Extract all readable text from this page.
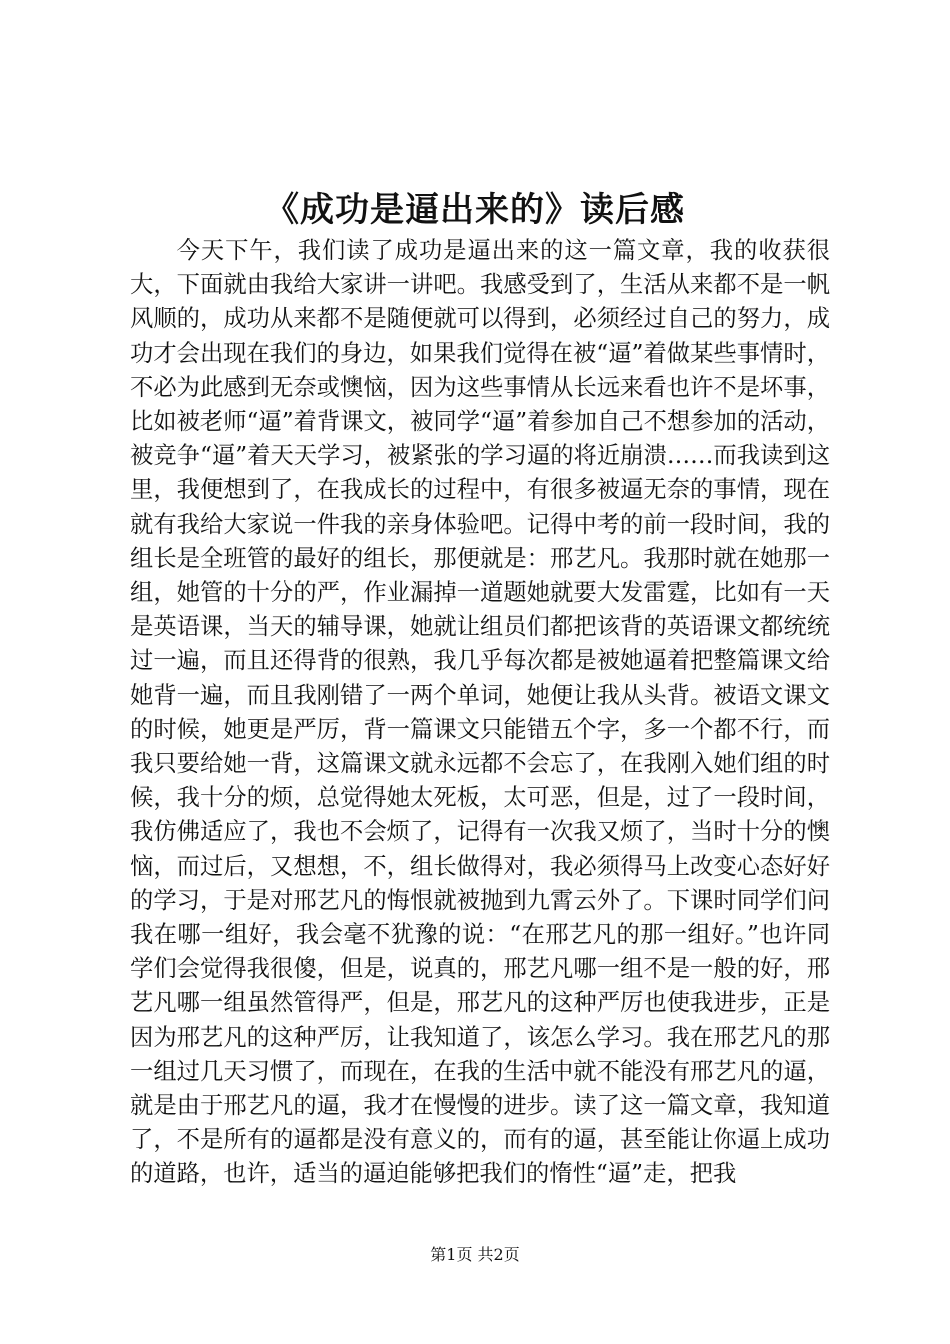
《成功是逼出来的》读后感

今天下午，我们读了成功是逼出来的这一篇文章，我的收获很大，下面就由我给大家讲一讲吧。我感受到了，生活从来都不是一帆风顺的，成功从来都不是随便就可以得到，必须经过自己的努力，成功才会出现在我们的身边，如果我们觉得在被“逼”着做某些事情时，不必为此感到无奈或懊恼，因为这些事情从长远来看也许不是坏事，比如被老师“逼”着背课文，被同学“逼”着参加自己不想参加的活动，被竞争“逼”着天天学习，被紧张的学习逼的将近崩溃……而我读到这里，我便想到了，在我成长的过程中，有很多被逼无奈的事情，现在就有我给大家说一件我的亲身体验吧。记得中考的前一段时间，我的组长是全班管的最好的组长，那便就是：邢艺凡。我那时就在她那一组，她管的十分的严，作业漏掉一道题她就要大发雷霆，比如有一天是英语课，当天的辅导课，她就让组员们都把该背的英语课文都统统过一遍，而且还得背的很熟，我几乎每次都是被她逼着把整篇课文给她背一遍，而且我刚错了一两个单词，她便让我从头背。被语文课文的时候，她更是严厉，背一篇课文只能错五个字，多一个都不行，而我只要给她一背，这篇课文就永远都不会忘了，在我刚入她们组的时候，我十分的烦，总觉得她太死板，太可恶，但是，过了一段时间，我仿佛适应了，我也不会烦了，记得有一次我又烦了，当时十分的懊恼，而过后，又想想，不，组长做得对，我必须得马上改变心态好好的学习，于是对邢艺凡的悔恨就被抛到九霄云外了。下课时同学们问我在哪一组好，我会毫不犹豫的说：“在邢艺凡的那一组好。”也许同学们会觉得我很傻，但是，说真的，邢艺凡哪一组不是一般的好，邢艺凡哪一组虽然管得严，但是，邢艺凡的这种严厉也使我进步，正是因为邢艺凡的这种严厉，让我知道了，该怎么学习。我在邢艺凡的那一组过几天习惯了，而现在，在我的生活中就不能没有邢艺凡的逼，就是由于邢艺凡的逼，我才在慢慢的进步。读了这一篇文章，我知道了，不是所有的逼都是没有意义的，而有的逼，甚至能让你逼上成功的道路，也许，适当的逼迫能够把我们的惰性“逼”走，把我

第1页 共2页
